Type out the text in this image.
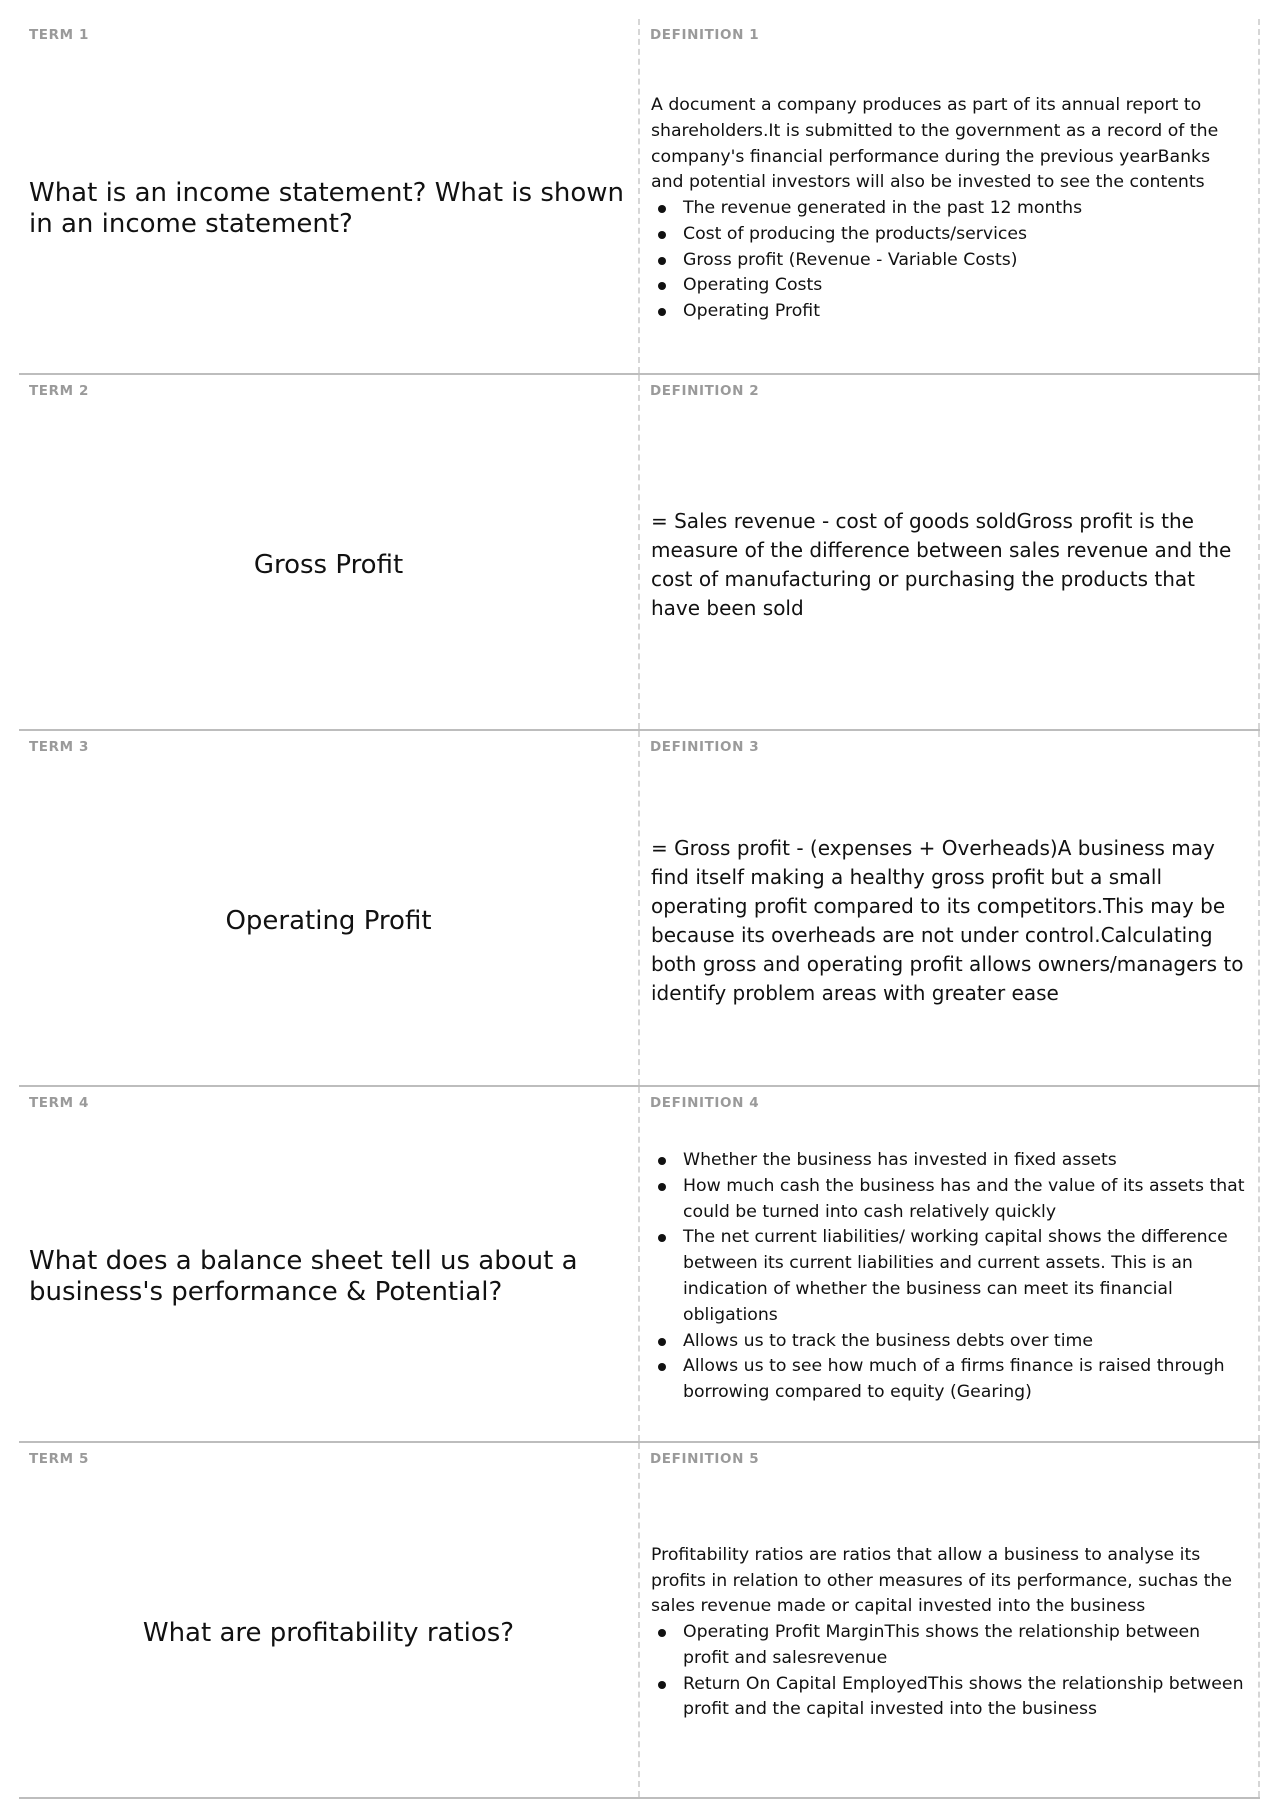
TERM 1
What is an income statement? What is shown in an income statement?
DEFINITION 1

A document a company produces as part of its annual report to shareholders.It is submitted to the government as a record of the company's financial performance during the previous yearBanks and potential investors will also be invested to see the contents

The revenue generated in the past 12 months
Cost of producing the products/services
Gross profit (Revenue - Variable Costs)
Operating Costs
Operating Profit
TERM 2
Gross Profit
DEFINITION 2

= Sales revenue - cost of goods soldGross profit is the measure of the difference between sales revenue and the cost of manufacturing or purchasing the products that have been sold

TERM 3
Operating Profit
DEFINITION 3

= Gross profit - (expenses + Overheads)A business may find itself making a healthy gross profit but a small operating profit compared to its competitors.This may be because its overheads are not under control.Calculating both gross and operating profit allows owners/managers to identify problem areas with greater ease

TERM 4
What does a balance sheet tell us about a business's performance & Potential?
DEFINITION 4
Whether the business has invested in fixed assets
How much cash the business has and the value of its assets that could be turned into cash relatively quickly
The net current liabilities/ working capital shows the difference between its current liabilities and current assets. This is an indication of whether the business can meet its financial obligations
Allows us to track the business debts over time
Allows us to see how much of a firms finance is raised through borrowing compared to equity (Gearing)
TERM 5
What are profitability ratios?
DEFINITION 5

Profitability ratios are ratios that allow a business to analyse its profits in relation to other measures of its performance, suchas the sales revenue made or capital invested into the business

Operating Profit MarginThis shows the relationship between profit and salesrevenue
Return On Capital EmployedThis shows the relationship between profit and the capital invested into the business
